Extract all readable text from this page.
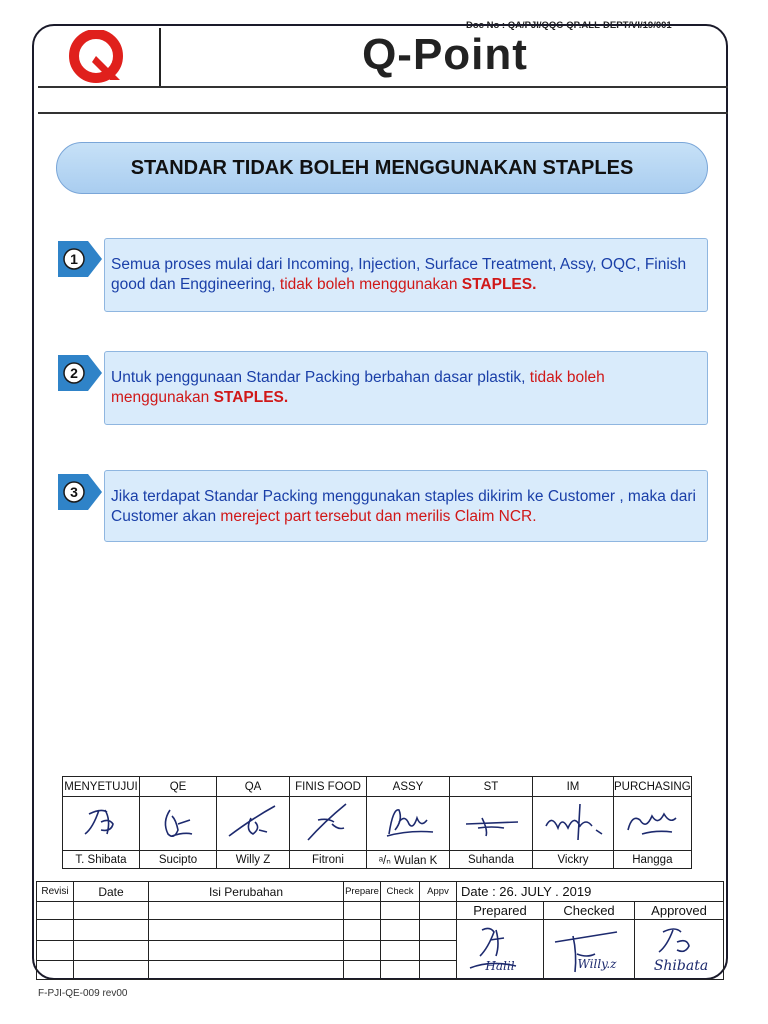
Doc No : QA/PJI/QQC-QP.ALL-DEPT/VI/19/001
Q-Point
STANDAR TIDAK BOLEH MENGGUNAKAN STAPLES
1	Semua proses mulai dari Incoming, Injection, Surface Treatment, Assy, OQC, Finish good dan Enggineering, tidak boleh menggunakan STAPLES.
2	Untuk penggunaan Standar Packing berbahan dasar plastik, tidak boleh menggunakan STAPLES.
3	Jika terdapat Standar Packing menggunakan staples dikirim ke Customer , maka dari Customer akan mereject part tersebut dan merilis Claim NCR.
MENYETUJUI	QE	QA	FINIS FOOD	ASSY	ST	IM	PURCHASING

T. Shibata	Sucipto	Willy Z	Fitroni	ᵃ/ₙ Wulan K	Suhanda	Vickry	Hangga
Revisi	Date	Isi Perubahan	Prepare	Check	Appv	Date : 26. JULY . 2019		
						Prepared	Checked	Approved

Halil	Willy.z	Shibata

F-PJI-QE-009 rev00
